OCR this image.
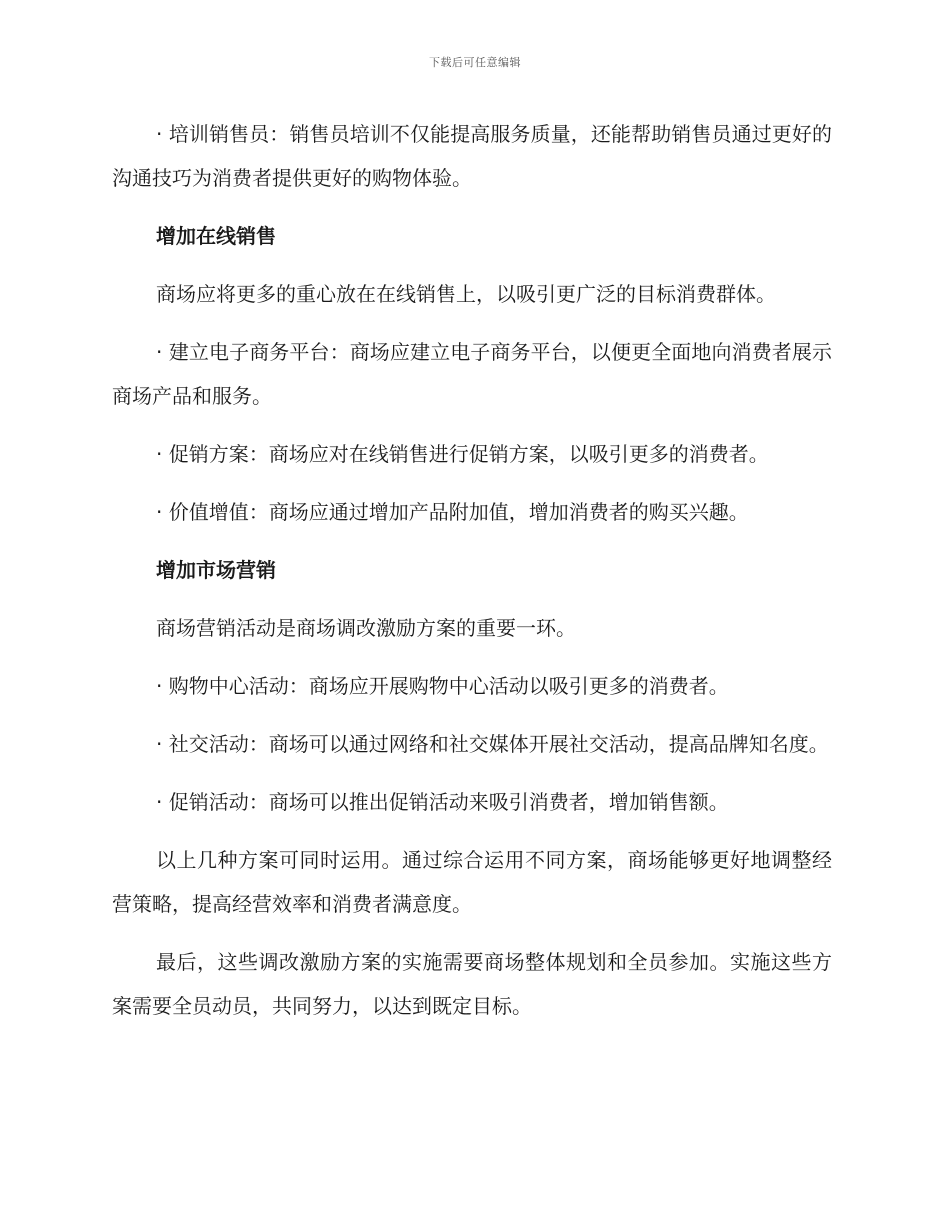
下载后可任意编辑

· 培训销售员：销售员培训不仅能提高服务质量，还能帮助销售员通过更好的沟通技巧为消费者提供更好的购物体验。

增加在线销售

商场应将更多的重心放在在线销售上，以吸引更广泛的目标消费群体。

· 建立电子商务平台：商场应建立电子商务平台，以便更全面地向消费者展示商场产品和服务。

· 促销方案：商场应对在线销售进行促销方案，以吸引更多的消费者。

· 价值增值：商场应通过增加产品附加值，增加消费者的购买兴趣。

增加市场营销

商场营销活动是商场调改激励方案的重要一环。

· 购物中心活动：商场应开展购物中心活动以吸引更多的消费者。

· 社交活动：商场可以通过网络和社交媒体开展社交活动，提高品牌知名度。

· 促销活动：商场可以推出促销活动来吸引消费者，增加销售额。

以上几种方案可同时运用。通过综合运用不同方案，商场能够更好地调整经营策略，提高经营效率和消费者满意度。

最后，这些调改激励方案的实施需要商场整体规划和全员参加。实施这些方案需要全员动员，共同努力，以达到既定目标。
